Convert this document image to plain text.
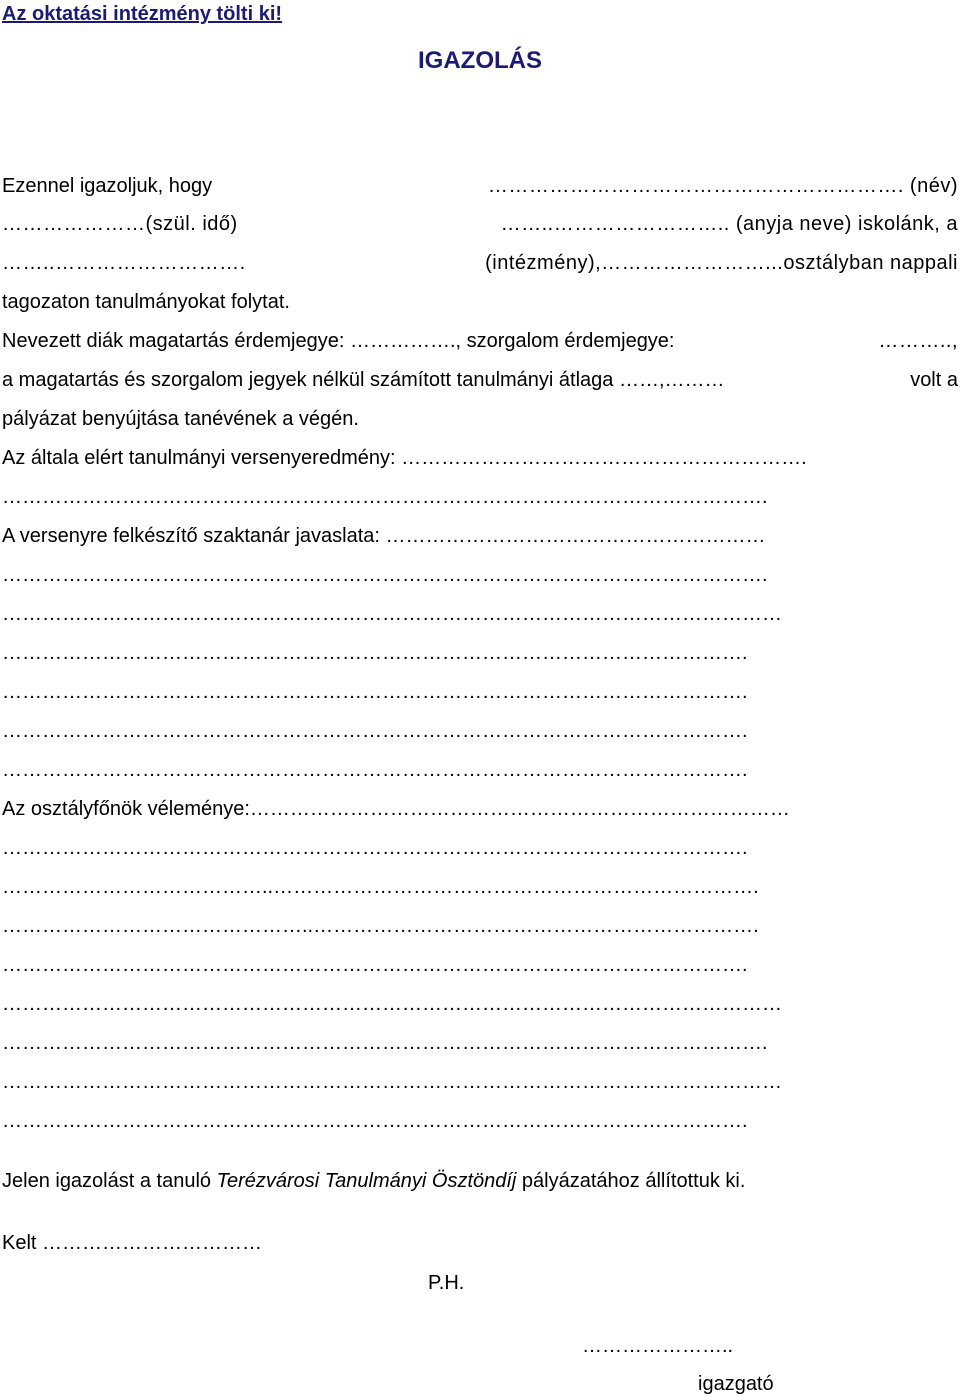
Az oktatási intézmény tölti ki!
IGAZOLÁS
Ezennel igazoljuk, hogy	……………………………………………………. (név)
…………………(szül. idő)	……..…………………….. (anyja neve) iskolánk, a
……..……………………….	(intézmény),……………………...osztályban nappali
tagozaton tanulmányokat folytat.
Nevezett diák magatartás érdemjegye: ……………., szorgalom érdemjegye:	………..,
a magatartás és szorgalom jegyek nélkül számított tanulmányi átlaga ……,………	volt a
pályázat benyújtása tanévének a végén.
Az általa elért tanulmányi versenyeredmény: …………………………………………………….
…………………………………………………………………………………………………….
A versenyre felkészítő szaktanár javaslata: …………………………………………………
…………………………………………………………………………………………………….
………………………………………………………………………………………………………
………………………………………………………………………………………………….
………………………………………………………………………………………………….
………………………………………………………………………………………………….
………………………………………………………………………………………………….
Az osztályfőnök véleménye:………………………………………………………………………
………………………………………………………………………………………………….
…………………………………..……………………………………………………………….
………………………………………..………………………………………………………….
………………………………………………………………………………………………….
………………………………………………………………………………………………………
…………………………………………………………………………………………………….
………………………………………………………………………………………………………
………………………………………………………………………………………………….
Jelen igazolást a tanuló Terézvárosi Tanulmányi Ösztöndíj pályázatához állítottuk ki.
Kelt ……………………………
P.H.
…………………..
igazgató
